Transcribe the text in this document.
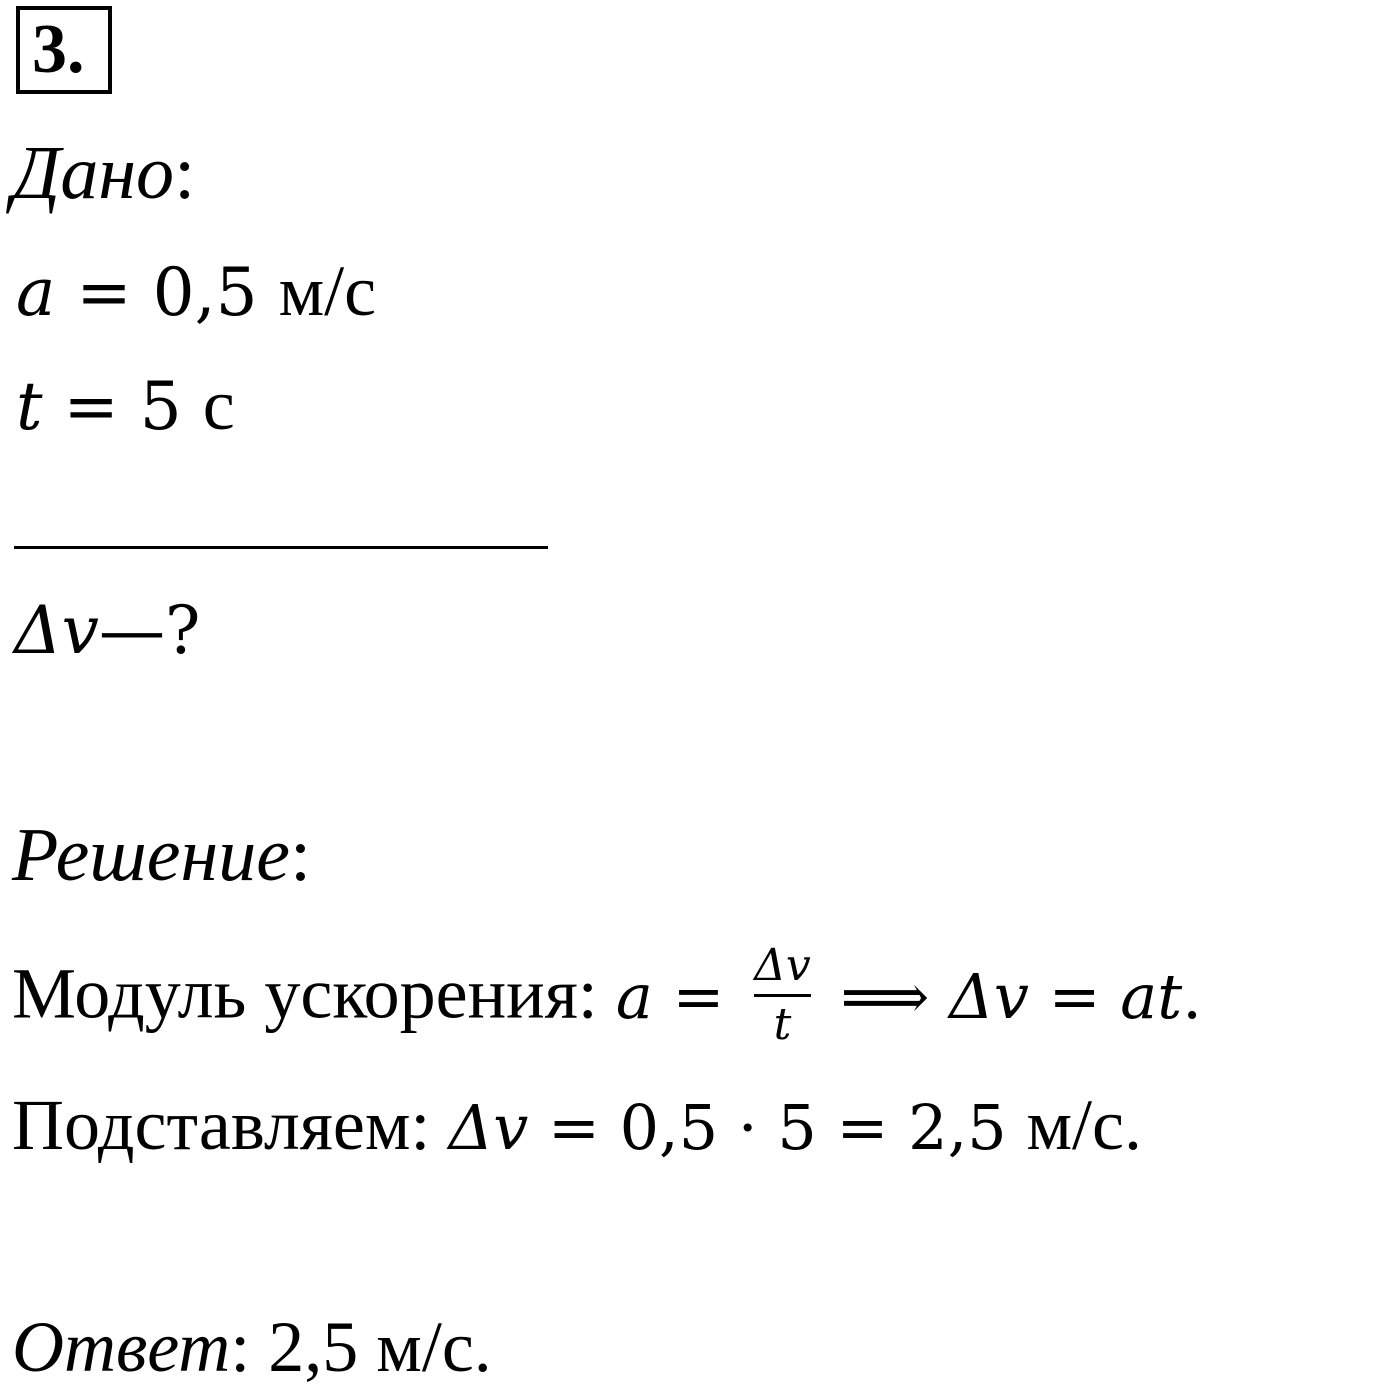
3.
Дано:
a = 0,5 м/с
t = 5 с
Δv—?
Решение:
Модуль ускорения: $a = \frac{\Delta v}{t}$ ⟹ Δv = at.
Подставляем: Δv = 0,5 · 5 = 2,5 м/с.
Ответ: 2,5 м/с.
